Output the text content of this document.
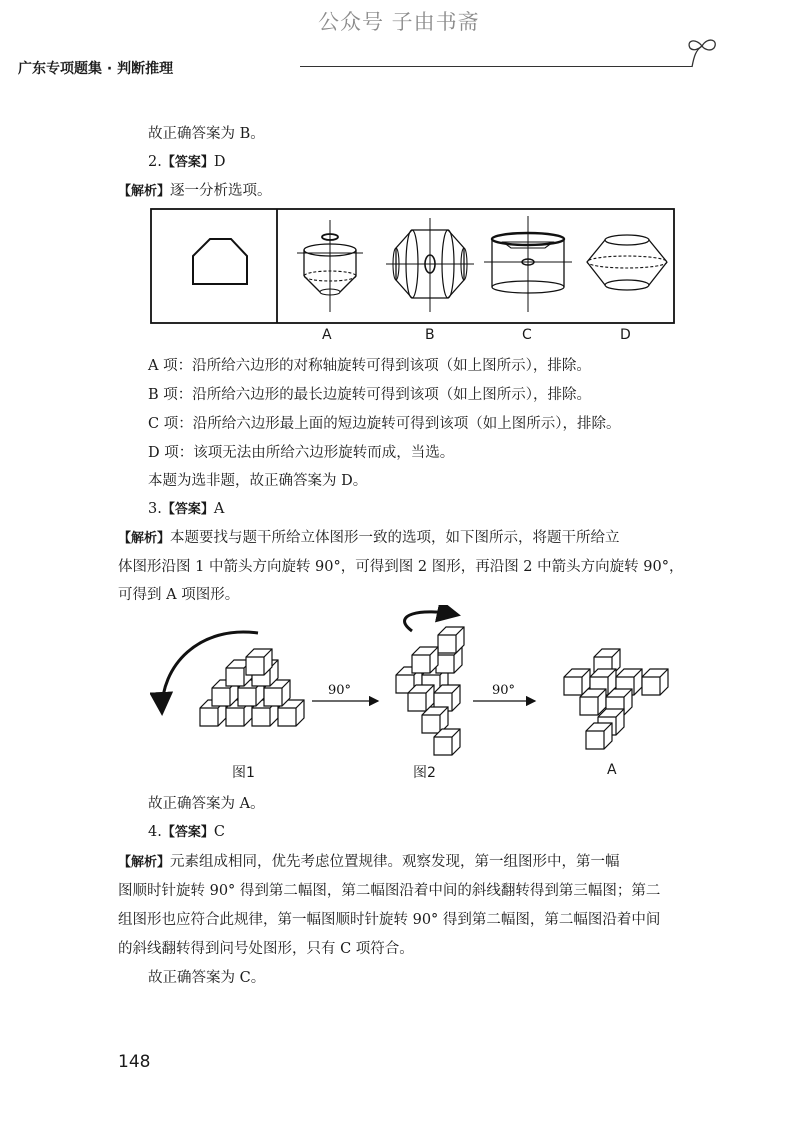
公众号 子由书斋
广东专项题集 · 判断推理
故正确答案为 B。
2.【答案】D
【解析】逐一分析选项。
A	B	C	D
A 项：沿所给六边形的对称轴旋转可得到该项（如上图所示），排除。
B 项：沿所给六边形的最长边旋转可得到该项（如上图所示），排除。
C 项：沿所给六边形最上面的短边旋转可得到该项（如上图所示），排除。
D 项：该项无法由所给六边形旋转而成，当选。
本题为选非题，故正确答案为 D。
3.【答案】A
【解析】本题要找与题干所给立体图形一致的选项，如下图所示，将题干所给立
体图形沿图 1 中箭头方向旋转 90°，可得到图 2 图形，再沿图 2 中箭头方向旋转 90°，
可得到 A 项图形。
90°	90°
图1	图2	A
故正确答案为 A。
4.【答案】C
【解析】元素组成相同，优先考虑位置规律。观察发现，第一组图形中，第一幅
图顺时针旋转 90° 得到第二幅图，第二幅图沿着中间的斜线翻转得到第三幅图；第二
组图形也应符合此规律，第一幅图顺时针旋转 90° 得到第二幅图，第二幅图沿着中间
的斜线翻转得到问号处图形，只有 C 项符合。
故正确答案为 C。
148
